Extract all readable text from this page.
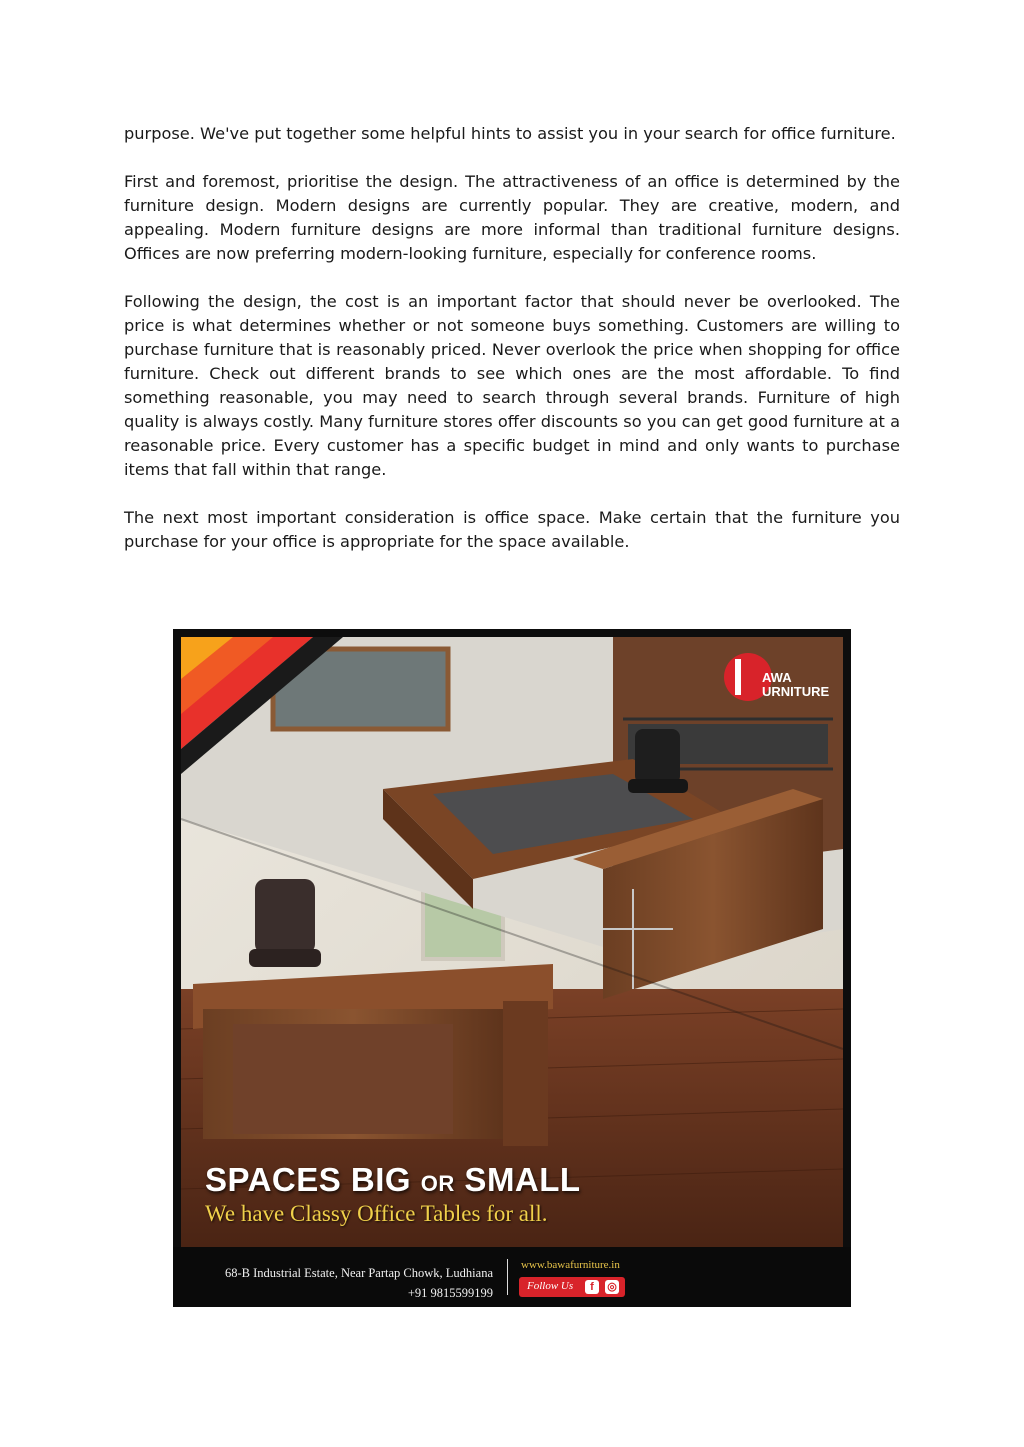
purpose. We've put together some helpful hints to assist you in your search for office furniture.

First and foremost, prioritise the design. The attractiveness of an office is determined by the furniture design. Modern designs are currently popular. They are creative, modern, and appealing. Modern furniture designs are more informal than traditional furniture designs. Offices are now preferring modern-looking furniture, especially for conference rooms.

Following the design, the cost is an important factor that should never be overlooked. The price is what determines whether or not someone buys something. Customers are willing to purchase furniture that is reasonably priced. Never overlook the price when shopping for office furniture. Check out different brands to see which ones are the most affordable. To find something reasonable, you may need to search through several brands. Furniture of high quality is always costly. Many furniture stores offer discounts so you can get good furniture at a reasonable price. Every customer has a specific budget in mind and only wants to purchase items that fall within that range.

The next most important consideration is office space. Make certain that the furniture you purchase for your office is appropriate for the space available.

AWA
URNITURE
SPACES BIG OR SMALL
We have Classy Office Tables for all.
68-B Industrial Estate, Near Partap Chowk, Ludhiana
+91 9815599199
www.bawafurniture.in
Follow Us	f	◎
